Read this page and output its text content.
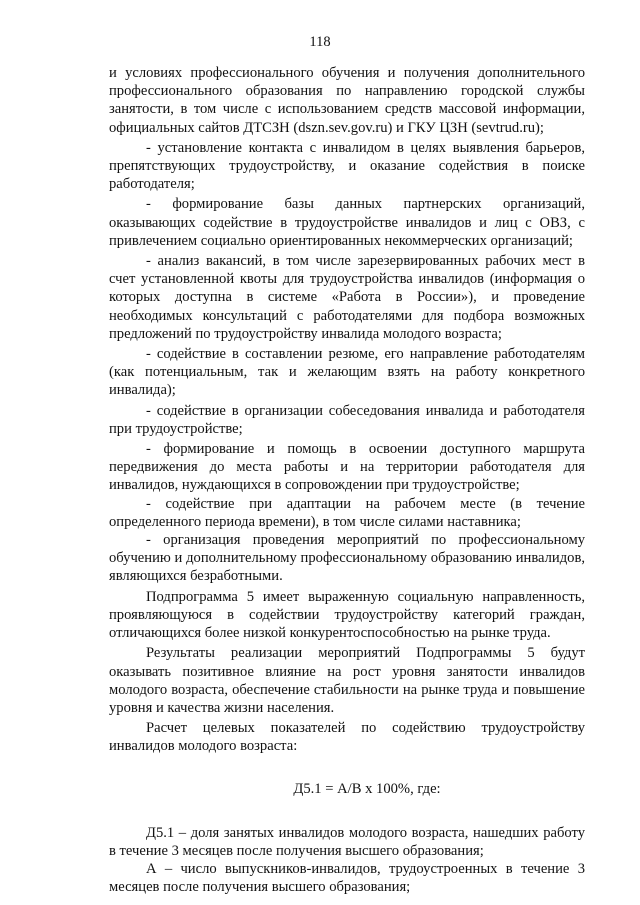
118

и условиях профессионального обучения и получения дополнительного профессионального образования по направлению городской службы занятости, в том числе с использованием средств массовой информации, официальных сайтов ДТСЗН (dszn.sev.gov.ru) и ГКУ ЦЗН (sevtrud.ru);

- установление контакта с инвалидом в целях выявления барьеров, препятствующих трудоустройству, и оказание содействия в поиске работодателя;

- формирование базы данных партнерских организаций, оказывающих содействие в трудоустройстве инвалидов и лиц с ОВЗ, с привлечением социально ориентированных некоммерческих организаций;

- анализ вакансий, в том числе зарезервированных рабочих мест в счет установленной квоты для трудоустройства инвалидов (информация о которых доступна в системе «Работа в России»), и проведение необходимых консультаций с работодателями для подбора возможных предложений по трудоустройству инвалида молодого возраста;

- содействие в составлении резюме, его направление работодателям (как потенциальным, так и желающим взять на работу конкретного инвалида);

- содействие в организации собеседования инвалида и работодателя при трудоустройстве;

- формирование и помощь в освоении доступного маршрута передвижения до места работы и на территории работодателя для инвалидов, нуждающихся в сопровождении при трудоустройстве;

- содействие при адаптации на рабочем месте (в течение определенного периода времени), в том числе силами наставника;

- организация проведения мероприятий по профессиональному обучению и дополнительному профессиональному образованию инвалидов, являющихся безработными.

Подпрограмма 5 имеет выраженную социальную направленность, проявляющуюся в содействии трудоустройству категорий граждан, отличающихся более низкой конкурентоспособностью на рынке труда.

Результаты реализации мероприятий Подпрограммы 5 будут оказывать позитивное влияние на рост уровня занятости инвалидов молодого возраста, обеспечение стабильности на рынке труда и повышение уровня и качества жизни населения.

Расчет целевых показателей по содействию трудоустройству инвалидов молодого возраста:

Д5.1 = А/В х 100%, где:

Д5.1 – доля занятых инвалидов молодого возраста, нашедших работу в течение 3 месяцев после получения высшего образования;

А – число выпускников-инвалидов, трудоустроенных в течение 3 месяцев после получения высшего образования;
